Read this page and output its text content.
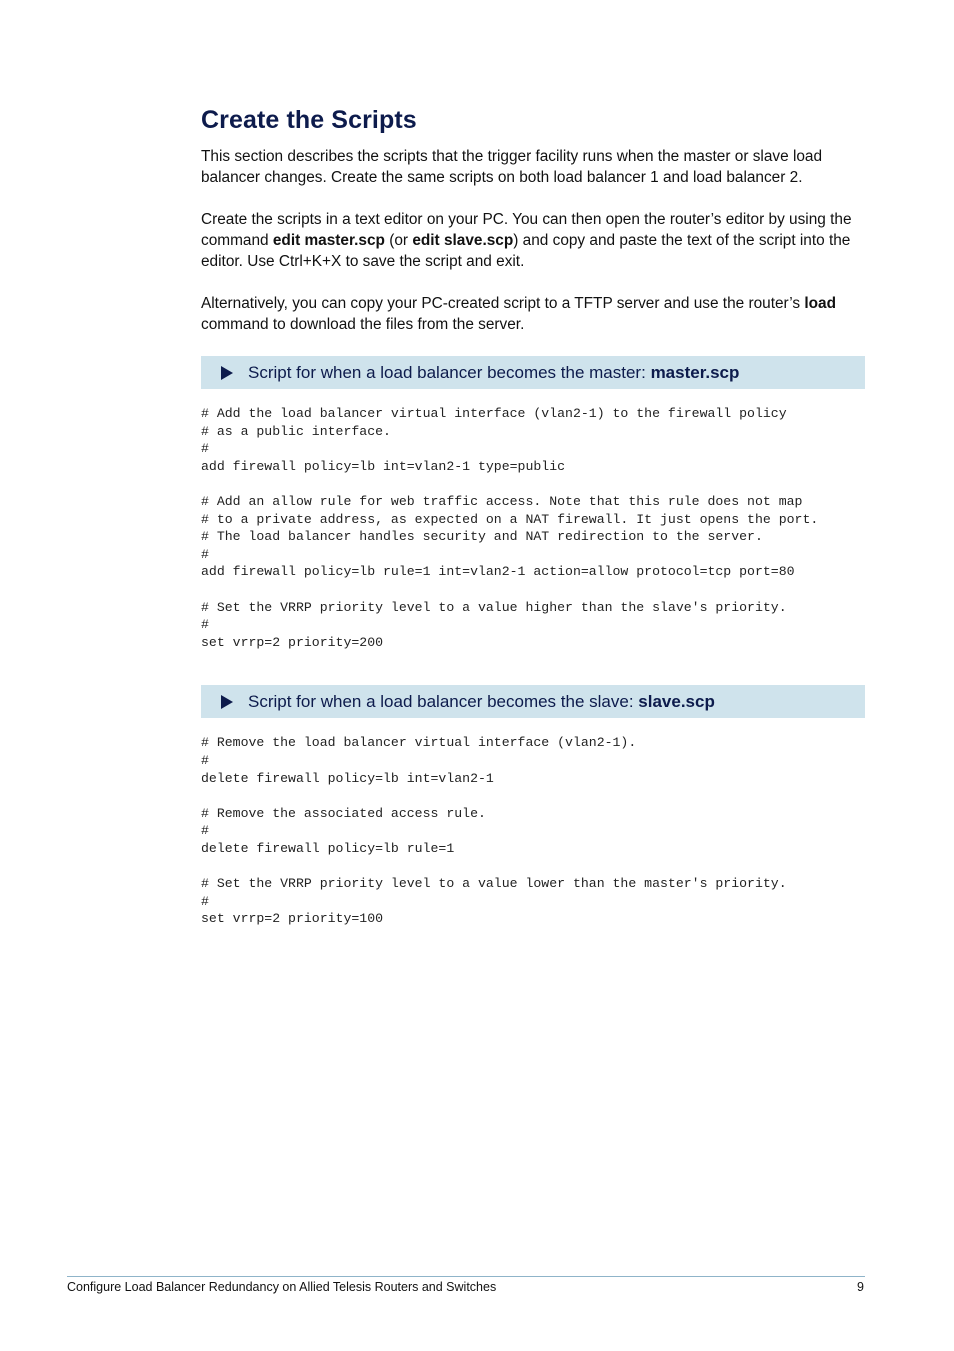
Create the Scripts

This section describes the scripts that the trigger facility runs when the master or slave load balancer changes. Create the same scripts on both load balancer 1 and load balancer 2.

Create the scripts in a text editor on your PC. You can then open the router’s editor by using the command edit master.scp (or edit slave.scp) and copy and paste the text of the script into the editor. Use Ctrl+K+X to save the script and exit.

Alternatively, you can copy your PC-created script to a TFTP server and use the router’s load command to download the files from the server.

Script for when a load balancer becomes the master:
master.scp
# Add the load balancer virtual interface (vlan2-1) to the firewall policy
# as a public interface.
#
add firewall policy=lb int=vlan2-1 type=public

# Add an allow rule for web traffic access. Note that this rule does not map
# to a private address, as expected on a NAT firewall. It just opens the port.
# The load balancer handles security and NAT redirection to the server.
#
add firewall policy=lb rule=1 int=vlan2-1 action=allow protocol=tcp port=80

# Set the VRRP priority level to a value higher than the slave's priority.
#
set vrrp=2 priority=200
Script for when a load balancer becomes the slave:
slave.scp
# Remove the load balancer virtual interface (vlan2-1).
#
delete firewall policy=lb int=vlan2-1

# Remove the associated access rule.
#
delete firewall policy=lb rule=1

# Set the VRRP priority level to a value lower than the master's priority.
#
set vrrp=2 priority=100
Configure Load Balancer Redundancy on Allied Telesis Routers and Switches	9
